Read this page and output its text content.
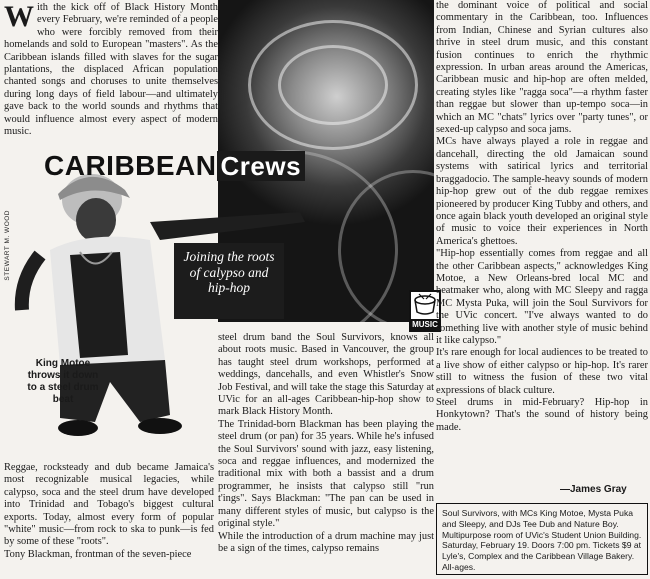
With the kick off of Black History Month every February, we're reminded of a people who were forcibly removed from their homelands and sold to European "masters". As the Caribbean islands filled with slaves for the sugar plantations, the displaced African population chanted songs and choruses to unite themselves during long days of field labour—and ultimately gave back to the world sounds and rhythms that would influence almost every aspect of modern music.

CARIBBEAN Crews
STEWART M. WOOD	Joining the roots of calypso and hip-hop
King Motoe throws it down to a steel drum beat
MUSIC

Reggae, rocksteady and dub became Jamaica's most recognizable musical legacies, while calypso, soca and the steel drum have developed into Trinidad and Tobago's biggest cultural exports. Today, almost every form of popular "white" music—from rock to ska to punk—is fed by some of these "roots".

Tony Blackman, frontman of the seven-piece

steel drum band the Soul Survivors, knows all about roots music. Based in Vancouver, the group has taught steel drum workshops, performed at weddings, dancehalls, and even Whistler's Snow Job Festival, and will take the stage this Saturday at UVic for an all-ages Caribbean-hip-hop show to mark Black History Month.

The Trinidad-born Blackman has been playing the steel drum (or pan) for 35 years. While he's infused the Soul Survivors' sound with jazz, easy listening, soca and reggae influences, and modernized the traditional mix with both a bassist and a drum programmer, he insists that calypso still "run t'ings". Says Blackman: "The pan can be used in many different styles of music, but calypso is the original style."

While the introduction of a drum machine may just be a sign of the times, calypso remains

the dominant voice of political and social commentary in the Caribbean, too. Influences from Indian, Chinese and Syrian cultures also thrive in steel drum music, and this constant fusion continues to enrich the rhythmic expression. In urban areas around the Americas, Caribbean music and hip-hop are often melded, creating styles like "ragga soca"—a rhythm faster than reggae but slower than up-tempo soca—in which an MC "chats" lyrics over "party tunes", or sexed-up calypso and soca jams.

MCs have always played a role in reggae and dancehall, directing the old Jamaican sound systems with satirical lyrics and territorial braggadocio. The sample-heavy sounds of modern hip-hop grew out of the dub reggae remixes pioneered by producer King Tubby and others, and once again black youth developed an original style of music to voice their experiences in North America's ghettoes.

"Hip-hop essentially comes from reggae and all the other Caribbean aspects," acknowledges King Motoe, a New Orleans-bred local MC and beatmaker who, along with MC Sleepy and ragga MC Mysta Puka, will join the Soul Survivors for the UVic concert. "I've always wanted to do something live with another style of music behind it like calypso."

It's rare enough for local audiences to be treated to a live show of either calypso or hip-hop. It's rarer still to witness the fusion of these two vital expressions of black culture.

Steel drums in mid-February? Hip-hop in Honkytown? That's the sound of history being made.

—James Gray
Soul Survivors, with MCs King Motoe, Mysta Puka and Sleepy, and DJs Tee Dub and Nature Boy. Multipurpose room of UVic's Student Union Building. Saturday, February 19. Doors 7:00 pm. Tickets $9 at Lyle's, Complex and the Caribbean Village Bakery. All-ages.
